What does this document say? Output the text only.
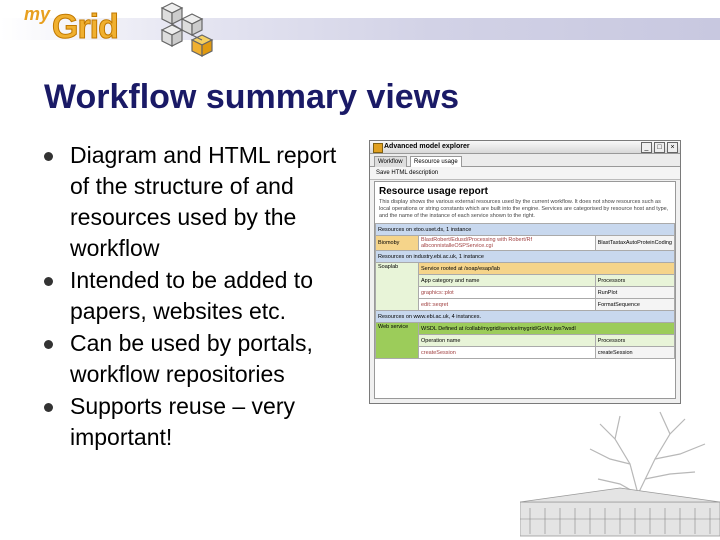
my Grid
Workflow summary views
Diagram and HTML report of the structure of and resources used by the workflow
Intended to be added to papers, websites etc.
Can be used by portals, workflow repositories
Supports reuse – very important!
Advanced model explorer	_	□	×
Workflow	Resource usage
Save HTML description
Resource usage report

This display shows the various external resources used by the current workflow. It does not show resources such as local operations or string constants which are built into the engine. Services are categorised by resource host and type, and the name of the instance of each service shown to the right.

Resources on xtoo.uset.ds, 1 instance		
Biomoby	BlastRobert/Edusd/Processing with Robert/Rf albconnistalleOSPService.cgi	BlastTastaxAutoProteinCoding
Resources on industry.ebi.ac.uk, 1 instance		
Soaplab	Service rooted at /soap/esap/lab	
	App category and name	Processors
	graphics::plot	RunPlot
	edit::seqret	FormatSequence
Resources on www.ebi.ac.uk, 4 instances.		
Web service	WSDL Defined at /collab/mygrid/service/mygrid/GoViz.jws?wsdl	
	Operation name	Processors
	createSession	createSession
